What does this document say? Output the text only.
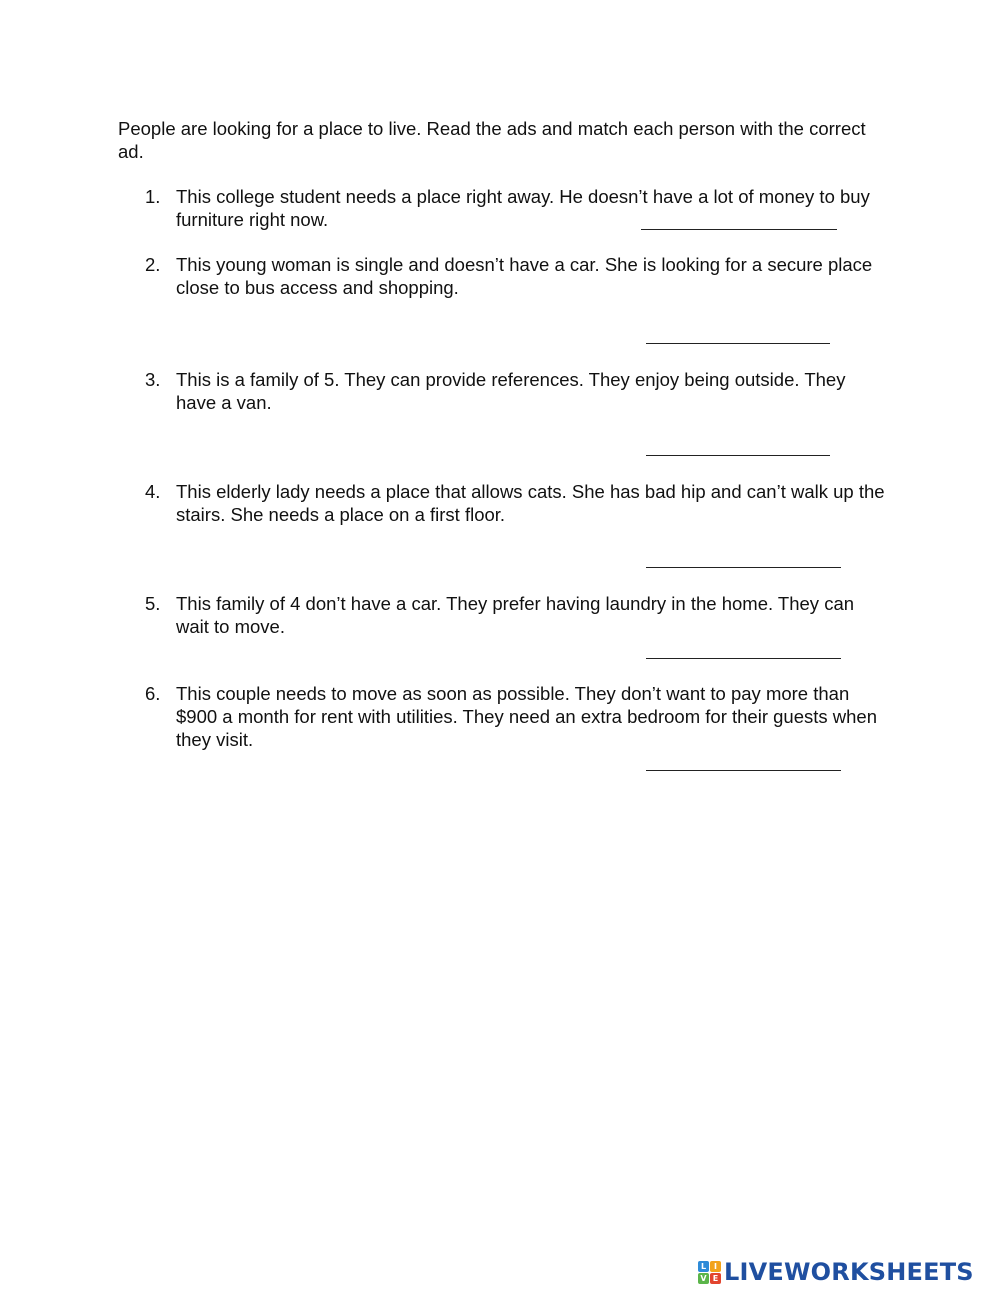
People are looking for a place to live. Read the ads and match each person with the correct ad.

1. This college student needs a place right away. He doesn’t have a lot of money to buy furniture right now.
2. This young woman is single and doesn’t have a car. She is looking for a secure place close to bus access and shopping.
3. This is a family of 5. They can provide references. They enjoy being outside. They have a van.
4. This elderly lady needs a place that allows cats. She has bad hip and can’t walk up the stairs. She needs a place on a first floor.
5. This family of 4 don’t have a car. They prefer having laundry in the home. They can wait to move.
6. This couple needs to move as soon as possible. They don’t want to pay more than $900 a month for rent with utilities. They need an extra bedroom for their guests when they visit.
L I
V E LIVEWORKSHEETS
